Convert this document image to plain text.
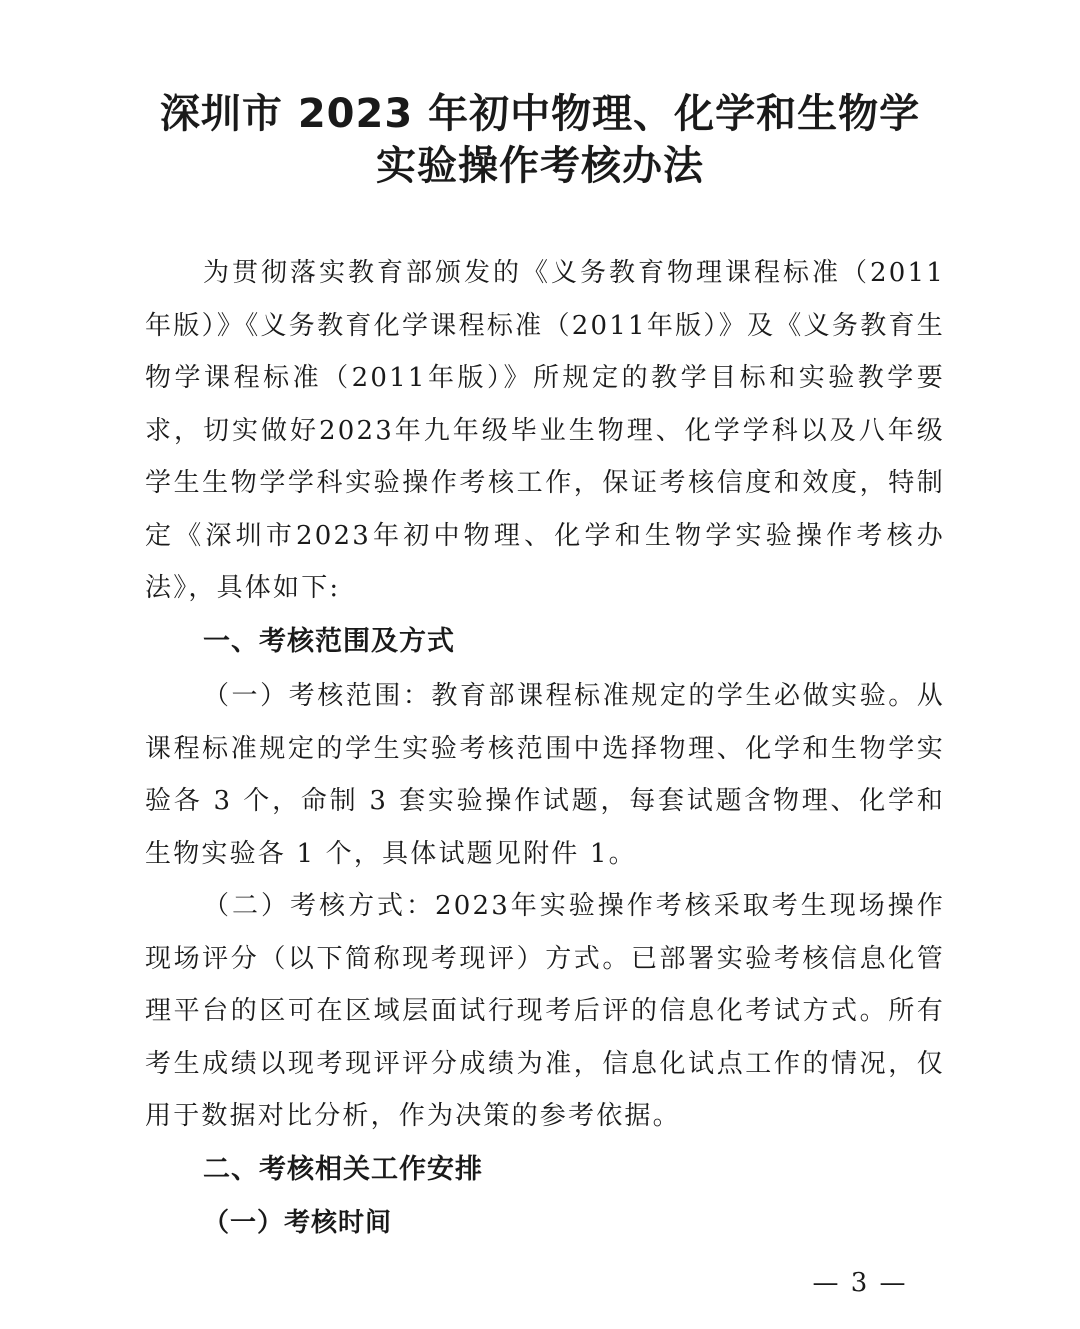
深圳市 2023 年初中物理、化学和生物学
实验操作考核办法

为贯彻落实教育部颁发的《义务教育物理课程标准（2011年版）》《义务教育化学课程标准（2011年版）》及《义务教育生物学课程标准（2011年版）》所规定的教学目标和实验教学要求，切实做好2023年九年级毕业生物理、化学学科以及八年级学生生物学学科实验操作考核工作，保证考核信度和效度，特制定《深圳市2023年初中物理、化学和生物学实验操作考核办法》，具体如下:

一、考核范围及方式

（一）考核范围：教育部课程标准规定的学生必做实验。从课程标准规定的学生实验考核范围中选择物理、化学和生物学实验各 3 个，命制 3 套实验操作试题，每套试题含物理、化学和生物实验各 1 个，具体试题见附件 1。

（二）考核方式：2023年实验操作考核采取考生现场操作现场评分（以下简称现考现评）方式。已部署实验考核信息化管理平台的区可在区域层面试行现考后评的信息化考试方式。所有考生成绩以现考现评评分成绩为准，信息化试点工作的情况，仅用于数据对比分析，作为决策的参考依据。

二、考核相关工作安排
（一）考核时间
— 3 —
